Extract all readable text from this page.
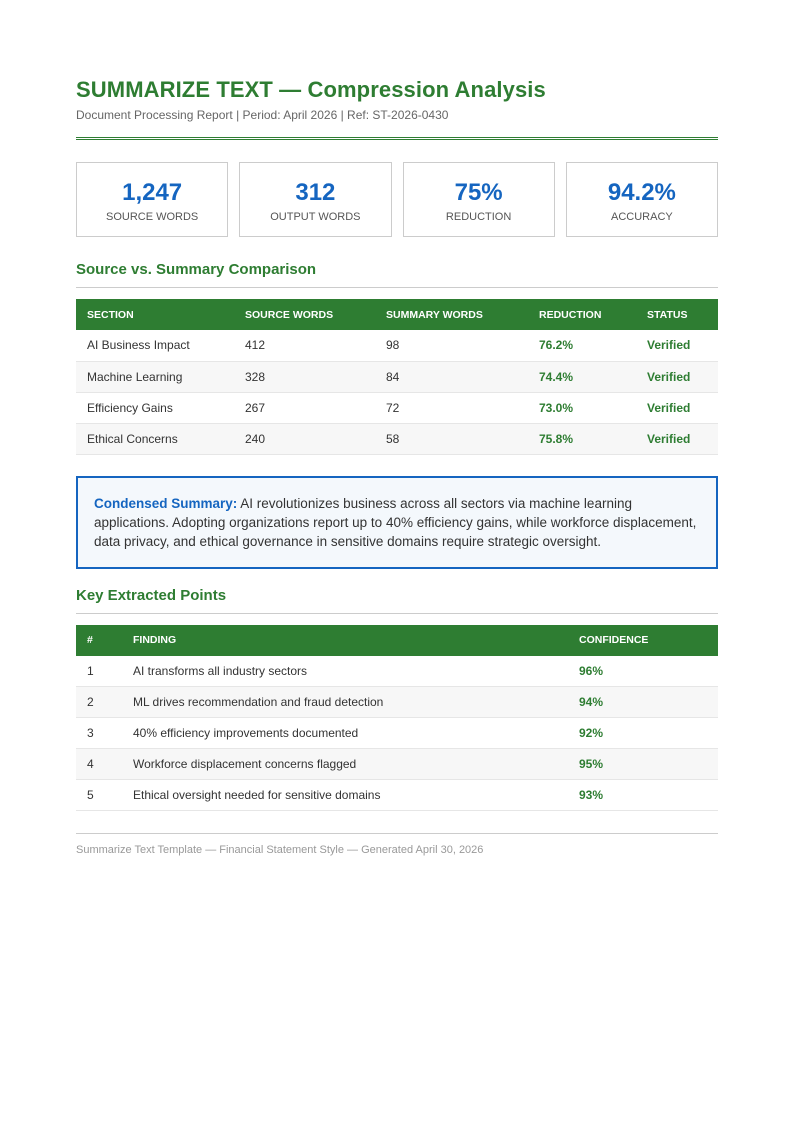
SUMMARIZE TEXT — Compression Analysis
Document Processing Report | Period: April 2026 | Ref: ST-2026-0430
1,247
SOURCE WORDS
312
OUTPUT WORDS
75%
REDUCTION
94.2%
ACCURACY
Source vs. Summary Comparison
SECTION	SOURCE WORDS	SUMMARY WORDS	REDUCTION	STATUS
AI Business Impact	412	98	76.2%	Verified
Machine Learning	328	84	74.4%	Verified
Efficiency Gains	267	72	73.0%	Verified
Ethical Concerns	240	58	75.8%	Verified
Condensed Summary: AI revolutionizes business across all sectors via machine learning applications. Adopting organizations report up to 40% efficiency gains, while workforce displacement, data privacy, and ethical governance in sensitive domains require strategic oversight.
Key Extracted Points
#	FINDING	CONFIDENCE
1	AI transforms all industry sectors	96%
2	ML drives recommendation and fraud detection	94%
3	40% efficiency improvements documented	92%
4	Workforce displacement concerns flagged	95%
5	Ethical oversight needed for sensitive domains	93%
Summarize Text Template — Financial Statement Style — Generated April 30, 2026
